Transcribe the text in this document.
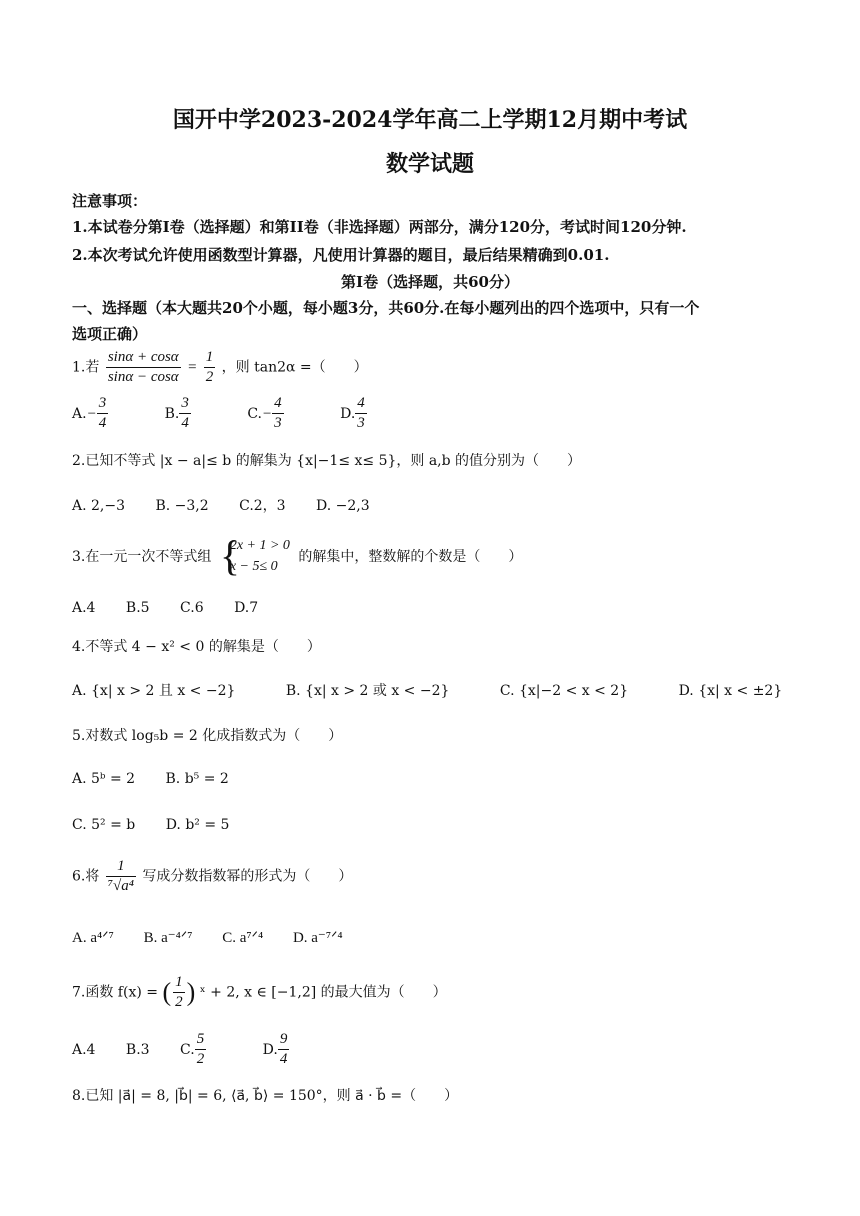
国开中学2023-2024学年高二上学期12月期中考试
数学试题
注意事项：
1.本试卷分第I卷（选择题）和第II卷（非选择题）两部分，满分120分，考试时间120分钟.
2.本次考试允许使用函数型计算器，凡使用计算器的题目，最后结果精确到0.01.
第Ⅰ卷（选择题，共60分）
一、选择题（本大题共20个小题，每小题3分，共60分.在每小题列出的四个选项中，只有一个
选项正确）
1.若 $\frac{\sin\alpha + \cos\alpha}{\sin\alpha - \cos\alpha} = \frac{1}{2}$ ，则 tan2α =（　　）
$A.- \frac{3}{4} B$. $\frac{3}{4} C.- \frac{4}{3} D$. $\frac{4}{3}$
2.已知不等式 |x − a|≤ b 的解集为 {x|−1≤ x≤ 5}，则 a,b 的值分别为（　　）
A. 2,−3 B. −3,2 C.2，3 D. −2,3
3.在一元一次不等式组 {
2x + 1 > 0
x − 5≤ 0
的解集中，整数解的个数是（　　）
A.4 B.5 C.6 D.7
4.不等式 4 − x² < 0 的解集是（　　）
A. {x| x > 2 且 x < −2}	B. {x| x > 2 或 x < −2}	C. {x|−2 < x < 2}	D. {x| x < ±2}
5.对数式 log₅b = 2 化成指数式为（　　）
A. 5ᵇ = 2 B. b⁵ = 2
C. 5² = b D. b² = 5
6.将 $\frac{1}{\text{⁷√a⁴}}$ 写成分数指数幂的形式为（　　）
A. a⁴ᐟ⁷ B. a⁻⁴ᐟ⁷ C. a⁷ᐟ⁴ D. a⁻⁷ᐟ⁴
7.函数 f(x) = ( $\frac{1}{2}$ ) ˣ + 2, x ∈ [−1,2] 的最大值为（　　）
A.4 B.3 C. $\frac{5}{2} D$. $\frac{9}{4}$
8.已知 |a⃗| = 8, |b⃗| = 6, ⟨a⃗, b⃗⟩ = 150°，则 a⃗ · b⃗ =（　　）
